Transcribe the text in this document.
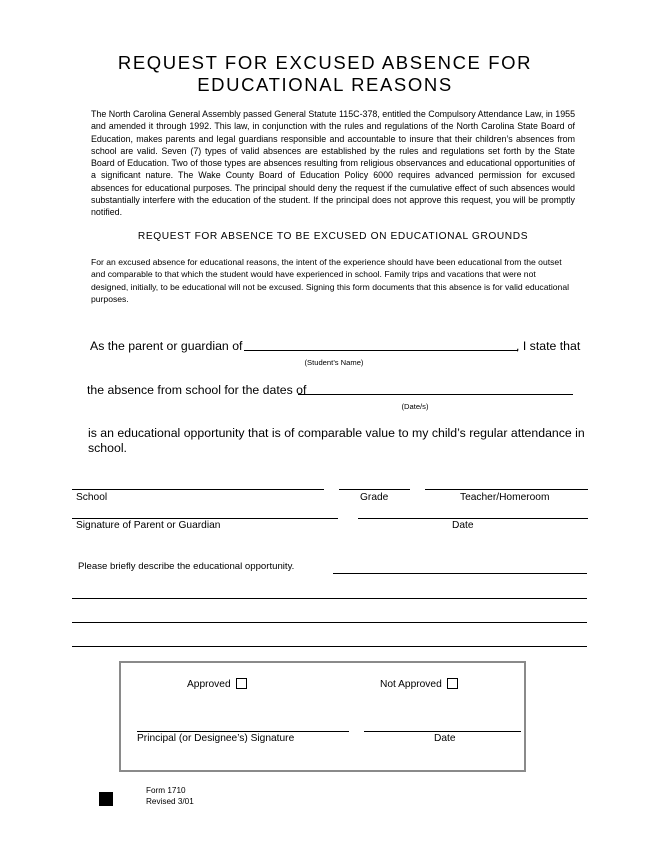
REQUEST FOR EXCUSED ABSENCE FOR
EDUCATIONAL REASONS
The North Carolina General Assembly passed General Statute 115C-378, entitled the Compulsory Attendance Law, in 1955 and amended it through 1992. This law, in conjunction with the rules and regulations of the North Carolina State Board of Education, makes parents and legal guardians responsible and accountable to insure that their children’s absences from school are valid. Seven (7) types of valid absences are established by the rules and regulations set forth by the State Board of Education. Two of those types are absences resulting from religious observances and educational opportunities of a significant nature. The Wake County Board of Education Policy 6000 requires advanced permission for excused absences for educational purposes. The principal should deny the request if the cumulative effect of such absences would substantially interfere with the education of the student. If the principal does not approve this request, you will be promptly notified.
REQUEST FOR ABSENCE TO BE EXCUSED ON EDUCATIONAL GROUNDS
For an excused absence for educational reasons, the intent of the experience should have been educational from the outset and comparable to that which the student would have experienced in school. Family trips and vacations that were not designed, initially, to be educational will not be excused. Signing this form documents that this absence is for valid educational purposes.
As the parent or guardian of	, I state that
(Student’s Name)
the absence from school for the dates of
(Date/s)
is an educational opportunity that is of comparable value to my child’s regular attendance in school.
School	Grade	Teacher/Homeroom
Signature of Parent or Guardian	Date
Please briefly describe the educational opportunity.
Approved	Not Approved
Principal (or Designee’s) Signature	Date
Form 1710
Revised 3/01
